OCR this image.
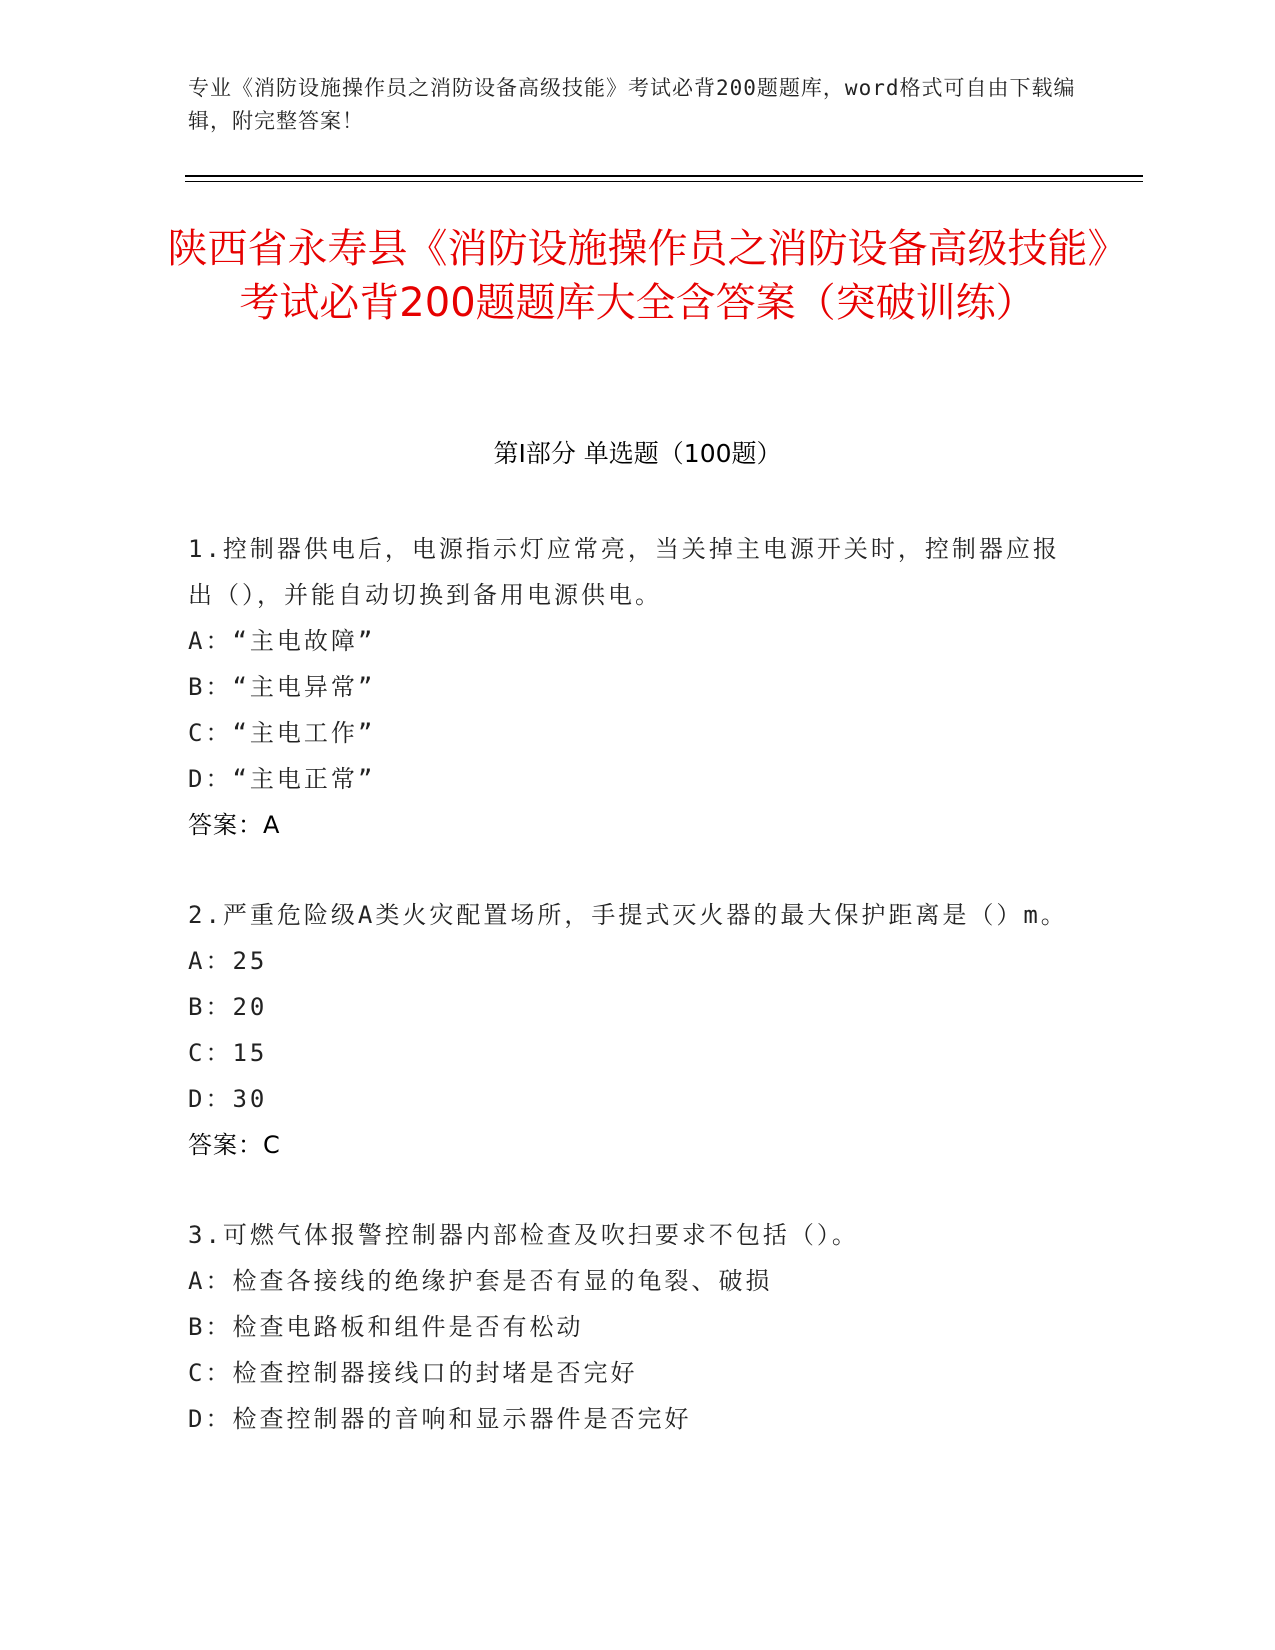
专业《消防设施操作员之消防设备高级技能》考试必背200题题库，word格式可自由下载编辑，附完整答案！
陕西省永寿县《消防设施操作员之消防设备高级技能》考试必背200题题库大全含答案（突破训练）
第I部分 单选题（100题）
1.控制器供电后，电源指示灯应常亮，当关掉主电源开关时，控制器应报出（），并能自动切换到备用电源供电。
A：“主电故障”
B：“主电异常”
C：“主电工作”
D：“主电正常”
答案：A
2.严重危险级A类火灾配置场所，手提式灭火器的最大保护距离是（）m。
A：25
B：20
C：15
D：30
答案：C
3.可燃气体报警控制器内部检查及吹扫要求不包括（）。
A：检查各接线的绝缘护套是否有显的龟裂、破损
B：检查电路板和组件是否有松动
C：检查控制器接线口的封堵是否完好
D：检查控制器的音响和显示器件是否完好
